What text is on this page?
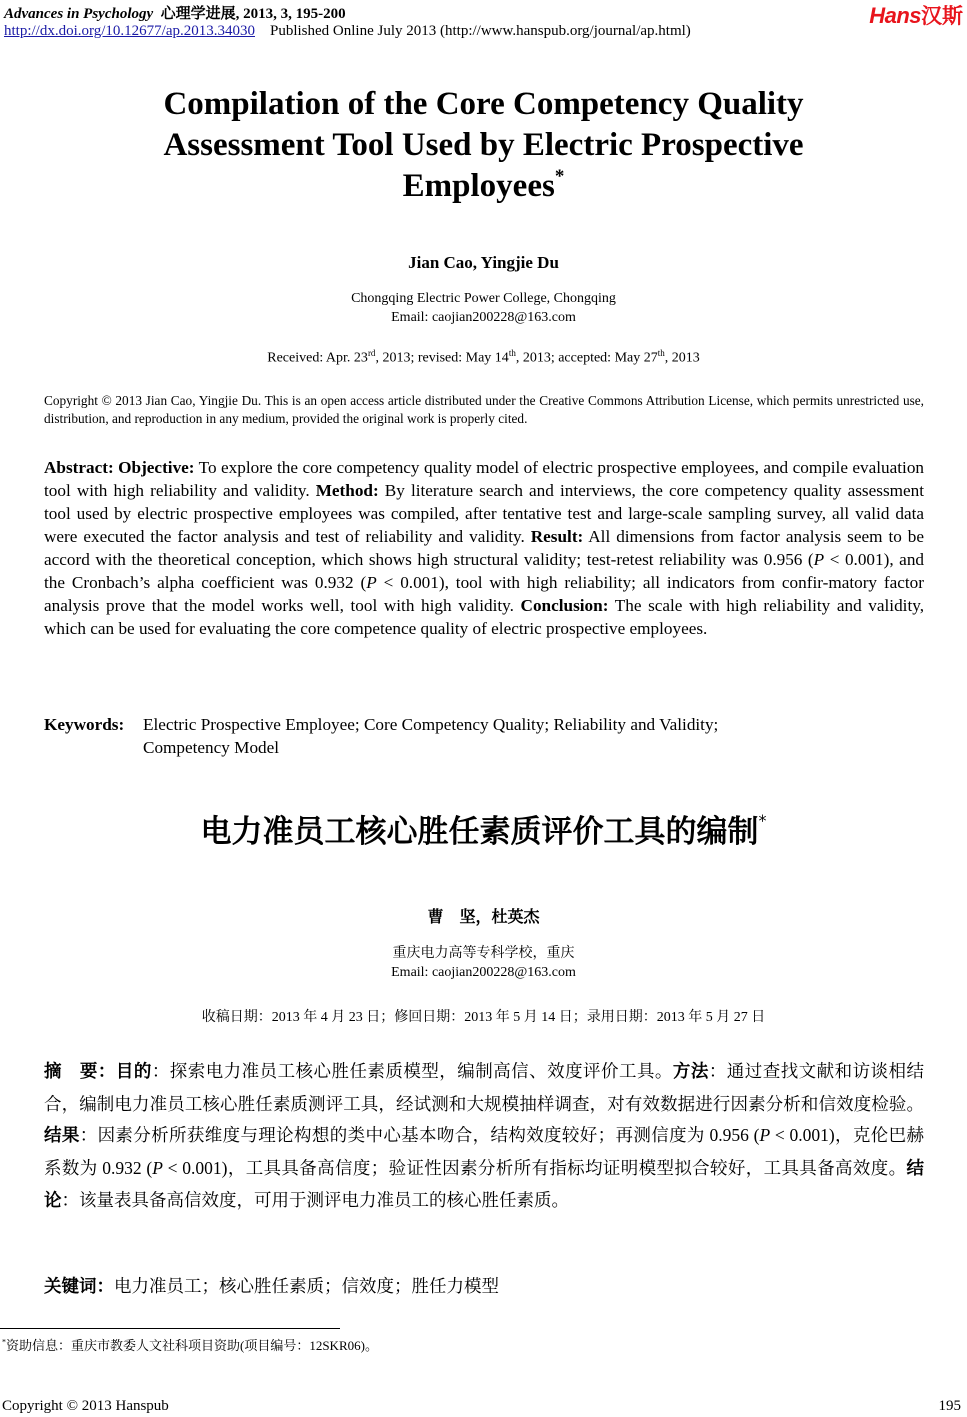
Advances in Psychology 心理学进展, 2013, 3, 195-200
http://dx.doi.org/10.12677/ap.2013.34030 Published Online July 2013 (http://www.hanspub.org/journal/ap.html)
Hans汉斯
Compilation of the Core Competency Quality
Assessment Tool Used by Electric Prospective
Employees*
Jian Cao, Yingjie Du
Chongqing Electric Power College, Chongqing
Email: caojian200228@163.com
Received: Apr. 23rd, 2013; revised: May 14th, 2013; accepted: May 27th, 2013
Copyright © 2013 Jian Cao, Yingjie Du. This is an open access article distributed under the Creative Commons Attribution License, which permits unrestricted use, distribution, and reproduction in any medium, provided the original work is properly cited.
Abstract: Objective: To explore the core competency quality model of electric prospective employees, and compile evaluation tool with high reliability and validity. Method: By literature search and interviews, the core competency quality assessment tool used by electric prospective employees was compiled, after tentative test and large-scale sampling survey, all valid data were executed the factor analysis and test of reliability and validity. Result: All dimensions from factor analysis seem to be accord with the theoretical conception, which shows high structural validity; test-retest reliability was 0.956 (P < 0.001), and the Cronbach’s alpha coefficient was 0.932 (P < 0.001), tool with high reliability; all indicators from confir-matory factor analysis prove that the model works well, tool with high validity. Conclusion: The scale with high reliability and validity, which can be used for evaluating the core competence quality of electric prospective employees.
Keywords: Electric Prospective Employee; Core Competency Quality; Reliability and Validity;
Competency Model
电力准员工核心胜任素质评价工具的编制*
曹　坚，杜英杰
重庆电力高等专科学校，重庆
Email: caojian200228@163.com
收稿日期：2013 年 4 月 23 日；修回日期：2013 年 5 月 14 日；录用日期：2013 年 5 月 27 日
摘　要：目的：探索电力准员工核心胜任素质模型，编制高信、效度评价工具。方法：通过查找文献和访谈相结合，编制电力准员工核心胜任素质测评工具，经试测和大规模抽样调查，对有效数据进行因素分析和信效度检验。结果：因素分析所获维度与理论构想的类中心基本吻合，结构效度较好；再测信度为 0.956 (P < 0.001)，克伦巴赫系数为 0.932 (P < 0.001)，工具具备高信度；验证性因素分析所有指标均证明模型拟合较好，工具具备高效度。结论：该量表具备高信效度，可用于测评电力准员工的核心胜任素质。
关键词：电力准员工；核心胜任素质；信效度；胜任力模型
*资助信息：重庆市教委人文社科项目资助(项目编号：12SKR06)。
Copyright © 2013 Hanspub	195
